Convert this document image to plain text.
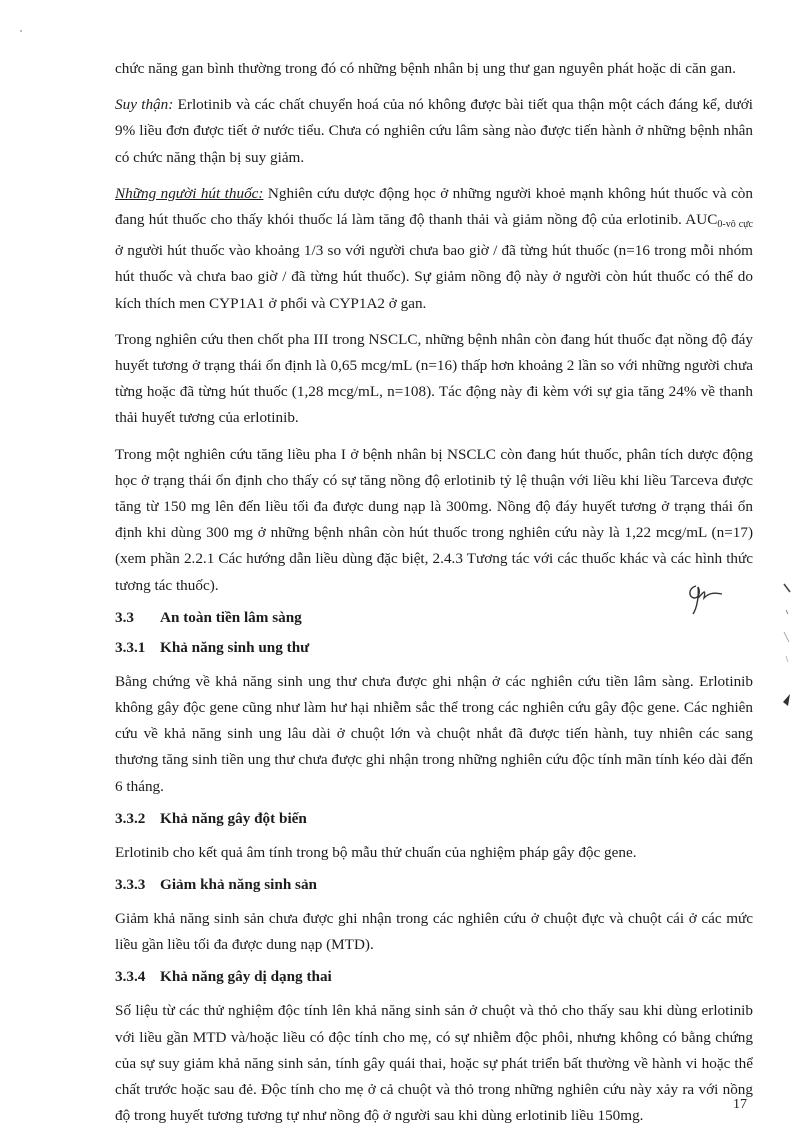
chức năng gan bình thường trong đó có những bệnh nhân bị ung thư gan nguyên phát hoặc di căn gan.

Suy thận: Erlotinib và các chất chuyển hoá của nó không được bài tiết qua thận một cách đáng kể, dưới 9% liều đơn được tiết ở nước tiểu. Chưa có nghiên cứu lâm sàng nào được tiến hành ở những bệnh nhân có chức năng thận bị suy giảm.

Những người hút thuốc: Nghiên cứu dược động học ở những người khoẻ mạnh không hút thuốc và còn đang hút thuốc cho thấy khói thuốc lá làm tăng độ thanh thải và giảm nồng độ của erlotinib. $AUC_{0-vô cực}$ ở người hút thuốc vào khoảng 1/3 so với người chưa bao giờ / đã từng hút thuốc (n=16 trong mỗi nhóm hút thuốc và chưa bao giờ / đã từng hút thuốc). Sự giảm nồng độ này ở người còn hút thuốc có thể do kích thích men CYP1A1 ở phổi và CYP1A2 ở gan.

Trong nghiên cứu then chốt pha III trong NSCLC, những bệnh nhân còn đang hút thuốc đạt nồng độ đáy huyết tương ở trạng thái ổn định là 0,65 mcg/mL (n=16) thấp hơn khoảng 2 lần so với những người chưa từng hoặc đã từng hút thuốc (1,28 mcg/mL, n=108). Tác động này đi kèm với sự gia tăng 24% về thanh thải huyết tương của erlotinib.

Trong một nghiên cứu tăng liều pha I ở bệnh nhân bị NSCLC còn đang hút thuốc, phân tích dược động học ở trạng thái ổn định cho thấy có sự tăng nồng độ erlotinib tỷ lệ thuận với liều khi liều Tarceva được tăng từ 150 mg lên đến liều tối đa được dung nạp là 300mg. Nồng độ đáy huyết tương ở trạng thái ổn định khi dùng 300 mg ở những bệnh nhân còn hút thuốc trong nghiên cứu này là 1,22 mcg/mL (n=17) (xem phần 2.2.1 Các hướng dẫn liều dùng đặc biệt, 2.4.3 Tương tác với các thuốc khác và các hình thức tương tác thuốc).

3.3	An toàn tiền lâm sàng
3.3.1 Khả năng sinh ung thư

Bằng chứng về khả năng sinh ung thư chưa được ghi nhận ở các nghiên cứu tiền lâm sàng. Erlotinib không gây độc gene cũng như làm hư hại nhiễm sắc thể trong các nghiên cứu gây độc gene. Các nghiên cứu về khả năng sinh ung lâu dài ở chuột lớn và chuột nhắt đã được tiến hành, tuy nhiên các sang thương tăng sinh tiền ung thư chưa được ghi nhận trong những nghiên cứu độc tính mãn tính kéo dài đến 6 tháng.

3.3.2 Khả năng gây đột biến

Erlotinib cho kết quả âm tính trong bộ mẫu thử chuẩn của nghiệm pháp gây độc gene.

3.3.3 Giảm khả năng sinh sản

Giảm khả năng sinh sản chưa được ghi nhận trong các nghiên cứu ở chuột đực và chuột cái ở các mức liều gần liều tối đa được dung nạp (MTD).

3.3.4 Khả năng gây dị dạng thai

Số liệu từ các thử nghiệm độc tính lên khả năng sinh sản ở chuột và thỏ cho thấy sau khi dùng erlotinib với liều gần MTD và/hoặc liều có độc tính cho mẹ, có sự nhiễm độc phôi, nhưng không có bằng chứng của sự suy giảm khả năng sinh sản, tính gây quái thai, hoặc sự phát triển bất thường về hành vi hoặc thể chất trước hoặc sau đẻ. Độc tính cho mẹ ở cả chuột và thỏ trong những nghiên cứu này xảy ra với nồng độ trong huyết tương tương tự như nồng độ ở người sau khi dùng erlotinib liều 150mg.

17
